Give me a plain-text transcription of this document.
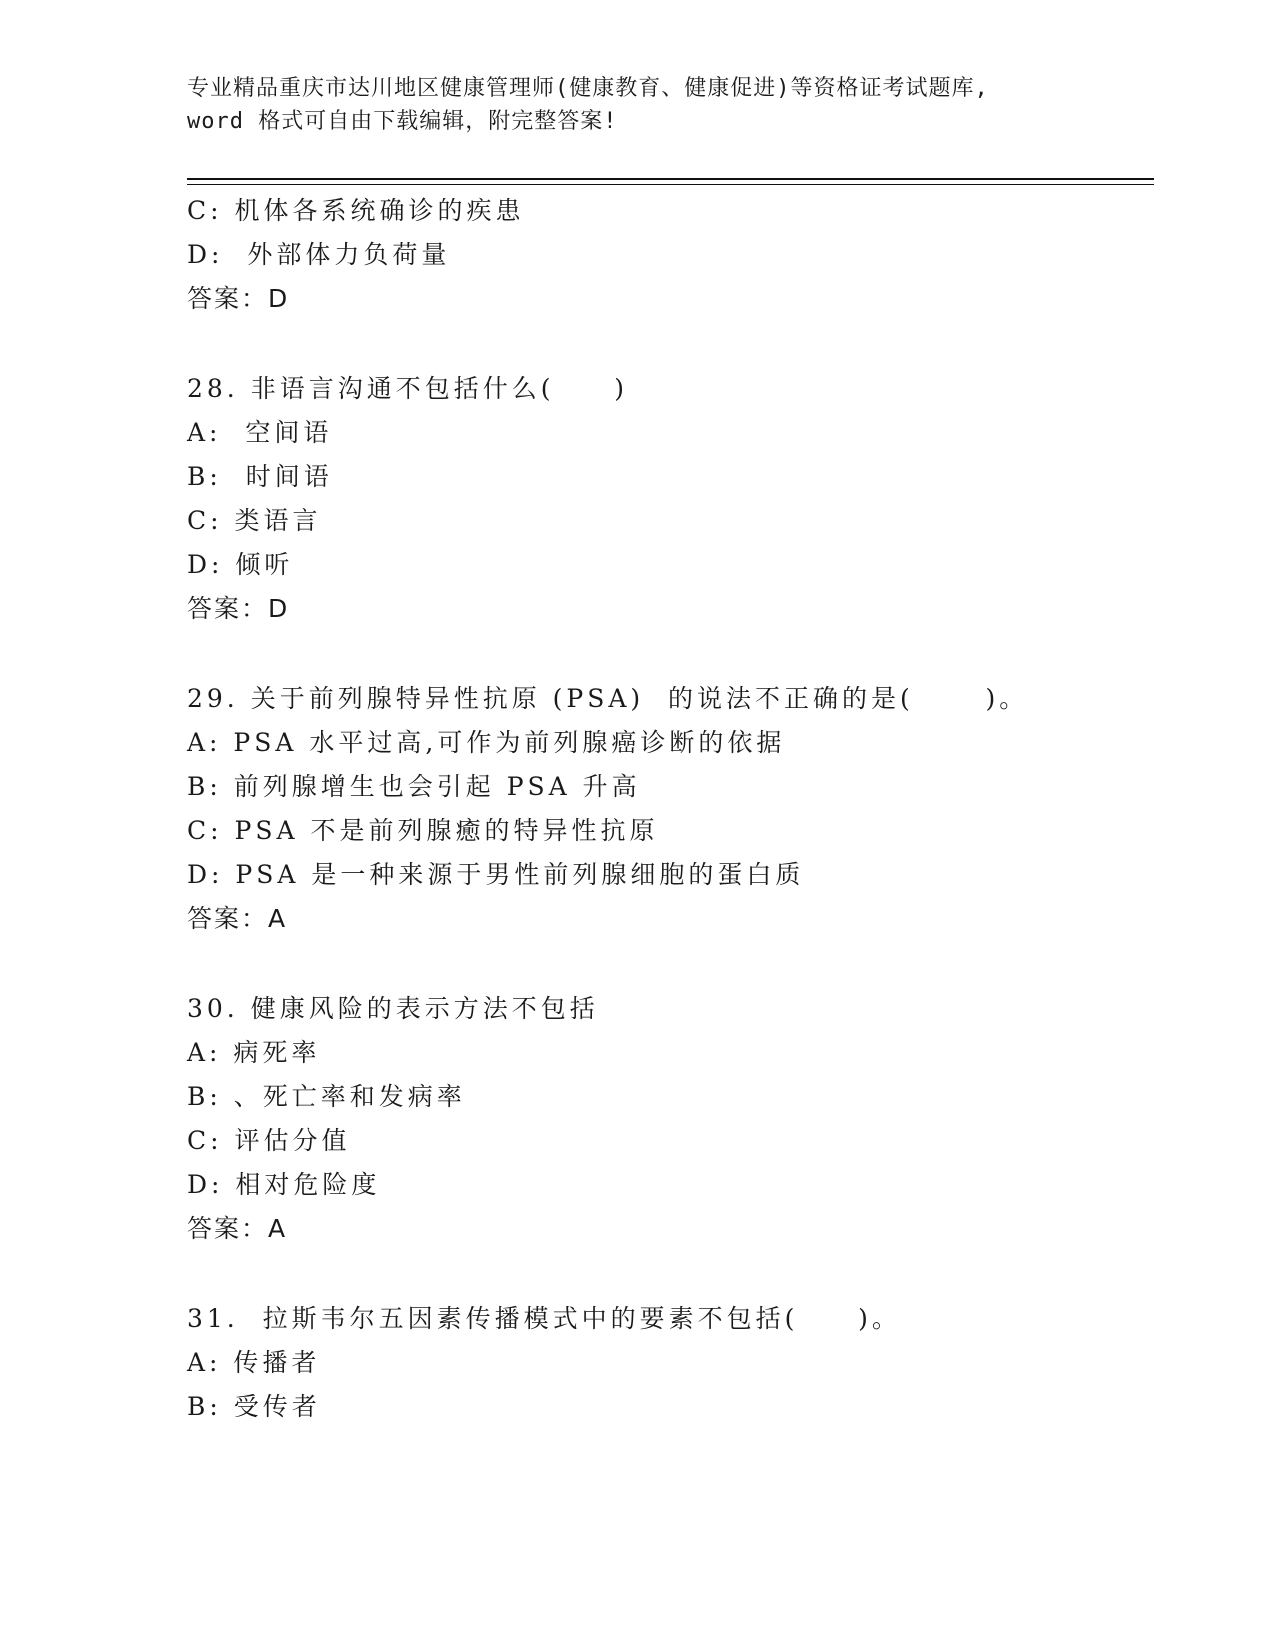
专业精品重庆市达川地区健康管理师(健康教育、健康促进)等资格证考试题库,
word 格式可自由下载编辑，附完整答案!
C: 机体各系统确诊的疾患
D:  外部体力负荷量
答案：D
28. 非语言沟通不包括什么(     )
A:  空间语
B:  时间语
C: 类语言
D: 倾听
答案：D
29. 关于前列腺特异性抗原 (PSA)  的说法不正确的是(      )。
A: PSA 水平过高,可作为前列腺癌诊断的依据
B: 前列腺增生也会引起 PSA 升高
C: PSA 不是前列腺癒的特异性抗原
D: PSA 是一种来源于男性前列腺细胞的蛋白质
答案：A
30. 健康风险的表示方法不包括
A: 病死率
B: 、死亡率和发病率
C: 评估分值
D: 相对危险度
答案：A
31.  拉斯韦尔五因素传播模式中的要素不包括(     )。
A: 传播者
B: 受传者
